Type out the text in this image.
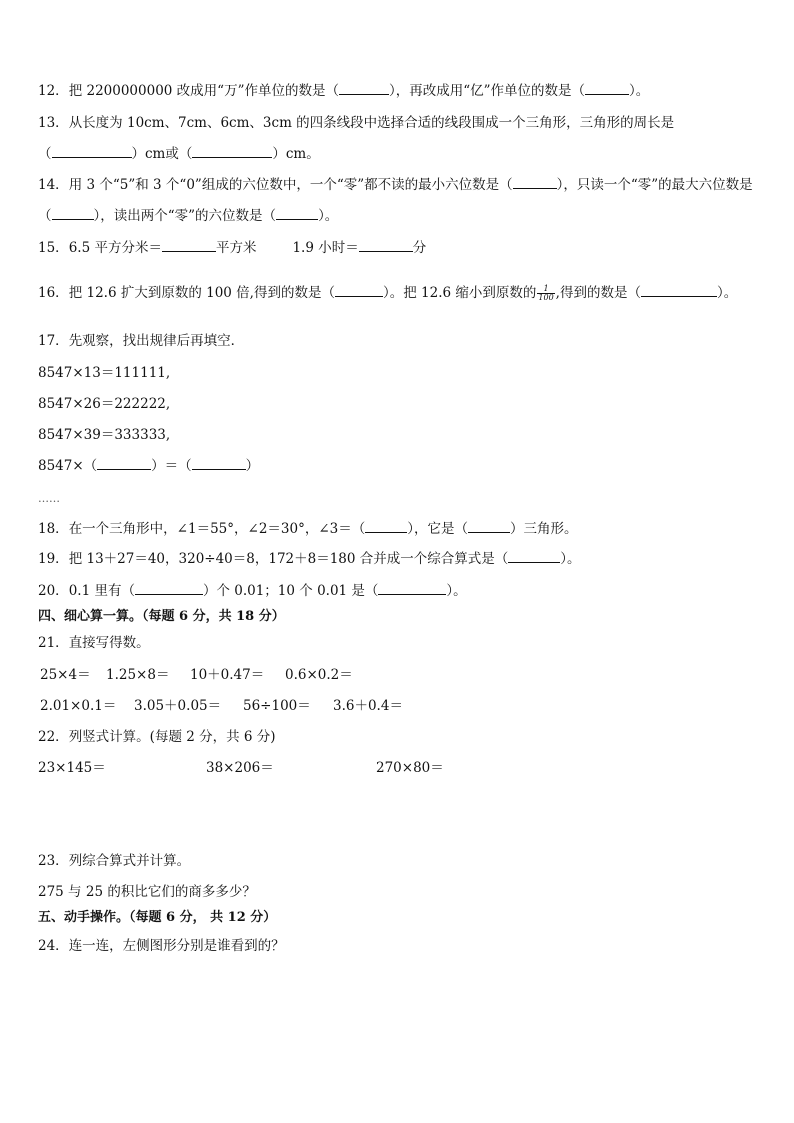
12．把 2200000000 改成用“万”作单位的数是（	），再改成用“亿”作单位的数是（	）。
13．从长度为 10cm、7cm、6cm、3cm 的四条线段中选择合适的线段围成一个三角形，三角形的周长是
（	）cm或（	）cm。
14．用 3 个“5”和 3 个“0”组成的六位数中，一个“零”都不读的最小六位数是（	），只读一个“零”的最大六位数是
（	），读出两个“零”的六位数是（	）。
15．6.5 平方分米＝	平方米	1.9 小时＝	分
16．把 12.6 扩大到原数的 100 倍,得到的数是（	）。把 12.6 缩小到原数的 $\frac{1}{100}$ ,得到的数是（	）。
17．先观察，找出规律后再填空．
8547×13＝111111,
8547×26＝222222,
8547×39＝333333,
8547×（	）＝（	）
……
18．在一个三角形中，∠1＝55°，∠2＝30°，∠3＝（	），它是（	）三角形。
19．把 13＋27＝40，320÷40＝8，172＋8＝180 合并成一个综合算式是（	）。
20．0.1 里有（	）个 0.01；10 个 0.01 是（	）。
四、细心算一算。（每题 6 分，共 18 分）
21．直接写得数。
25×4＝ 1.25×8＝ 10＋0.47＝ 0.6×0.2＝
2.01×0.1＝ 3.05＋0.05＝ 56÷100＝ 3.6＋0.4＝
22．列竖式计算。(每题 2 分，共 6 分)
23×145＝	38×206＝	270×80＝
23．列综合算式并计算。
275 与 25 的积比它们的商多多少？
五、动手操作。（每题 6 分， 共 12 分）
24．连一连，左侧图形分别是谁看到的？
